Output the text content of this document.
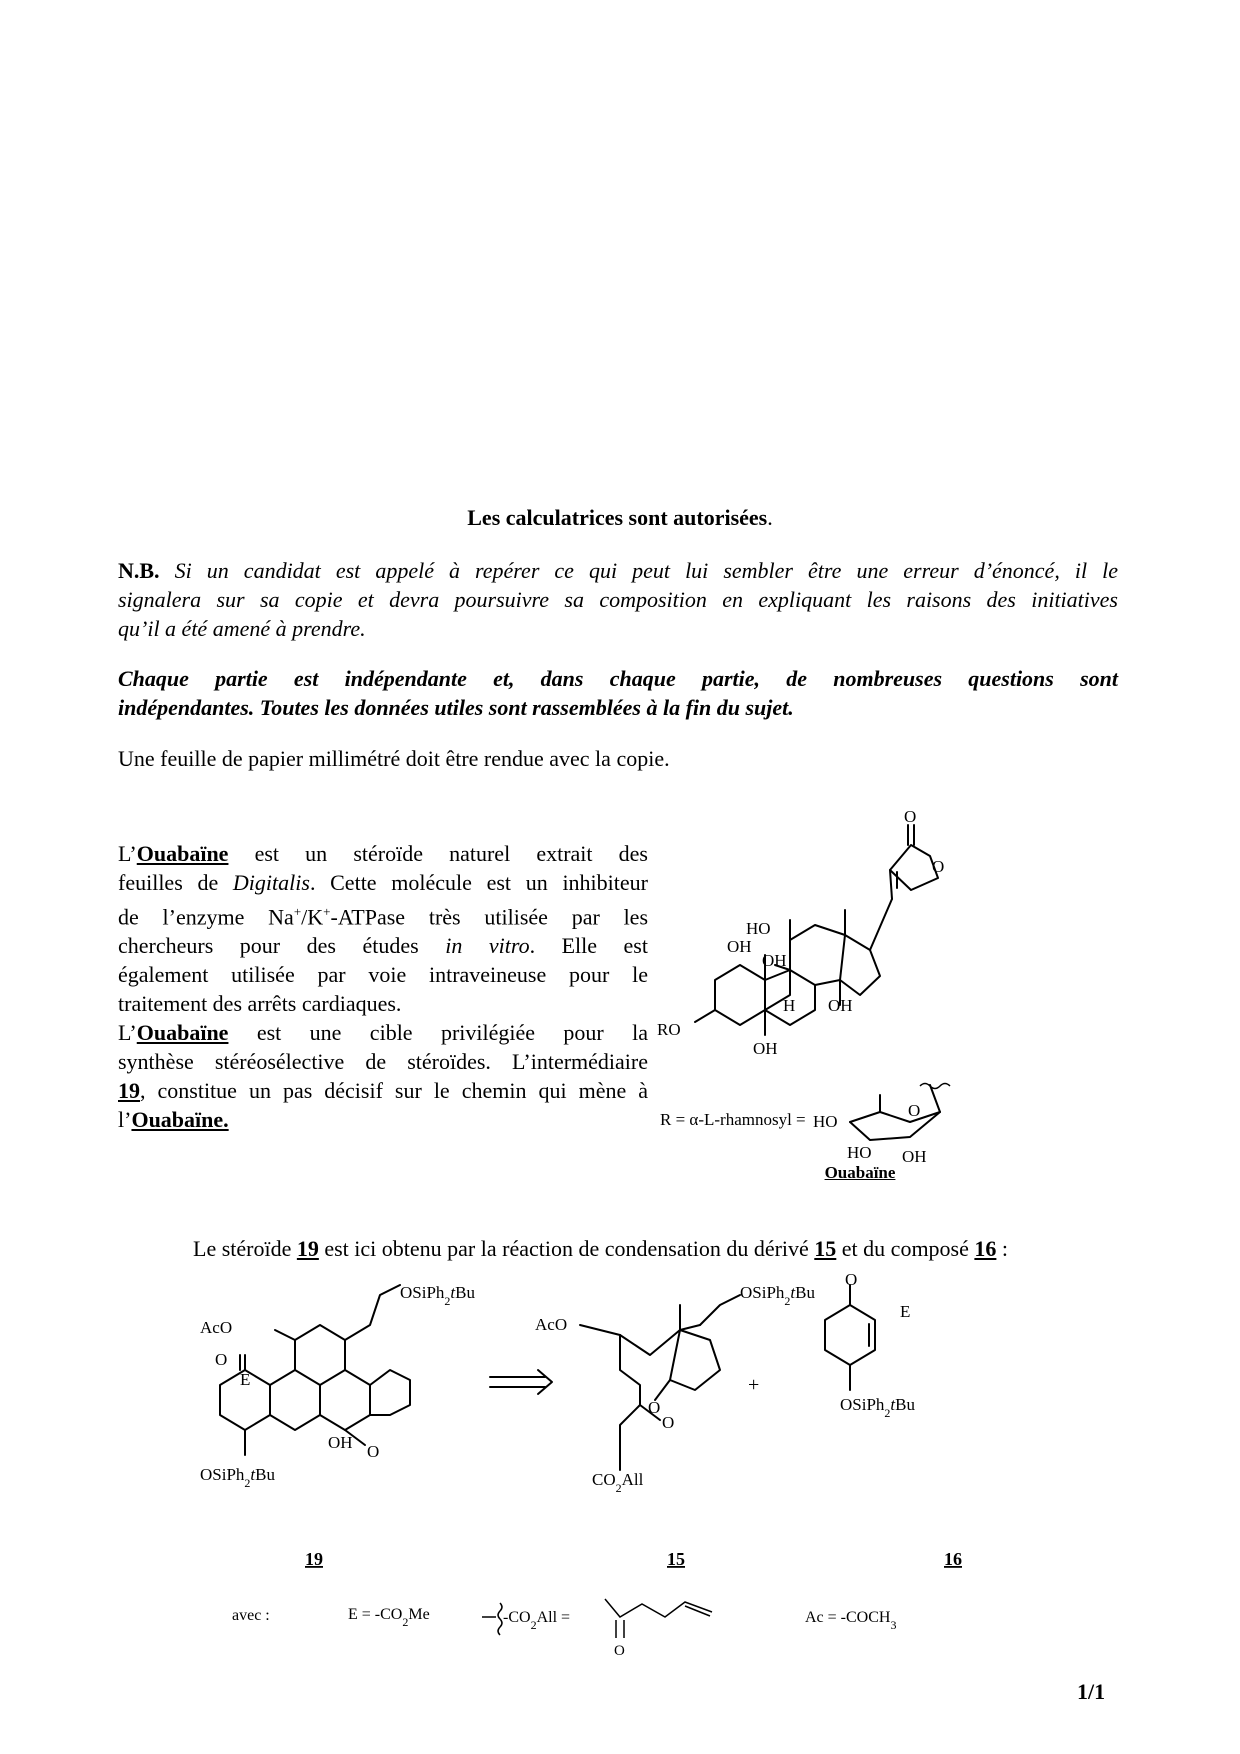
Les calculatrices sont autorisées.
N.B. Si un candidat est appelé à repérer ce qui peut lui sembler être une erreur d’énoncé, il le
signalera sur sa copie et devra poursuivre sa composition en expliquant les raisons des initiatives
qu’il a été amené à prendre.
Chaque partie est indépendante et, dans chaque partie, de nombreuses questions sont
indépendantes. Toutes les données utiles sont rassemblées à la fin du sujet.
Une feuille de papier millimétré doit être rendue avec la copie.
L’Ouabaïne est un stéroïde naturel extrait des
feuilles de Digitalis. Cette molécule est un inhibiteur
de l’enzyme Na+/K+-ATPase très utilisée par les
chercheurs pour des études in vitro. Elle est
également utilisée par voie intraveineuse pour le
traitement des arrêts cardiaques.
L’Ouabaïne est une cible privilégiée pour la
synthèse stéréosélective de stéroïdes. L’intermédiaire
19, constitue un pas décisif sur le chemin qui mène à
l’Ouabaïne.
O
O
HO
OH
OH
H OH
RO
OH
HO
O
HO OH
R = α-L-rhamnosyl =
Ouabaïne
Le stéroïde 19 est ici obtenu par la réaction de condensation du dérivé 15 et du composé 16 :
AcO
O
E
OH O
OSiPh$_2$tBu
OSiPh$_2$tBu
AcO
O
O
OSiPh$_2$tBu
$CO_2All$
+
O
E
OSiPh$_2$tBu
19	15	16
avec :	$E = -CO_2Me$	$-CO_2All$ =
O
$Ac = -COCH_3$
1/1
